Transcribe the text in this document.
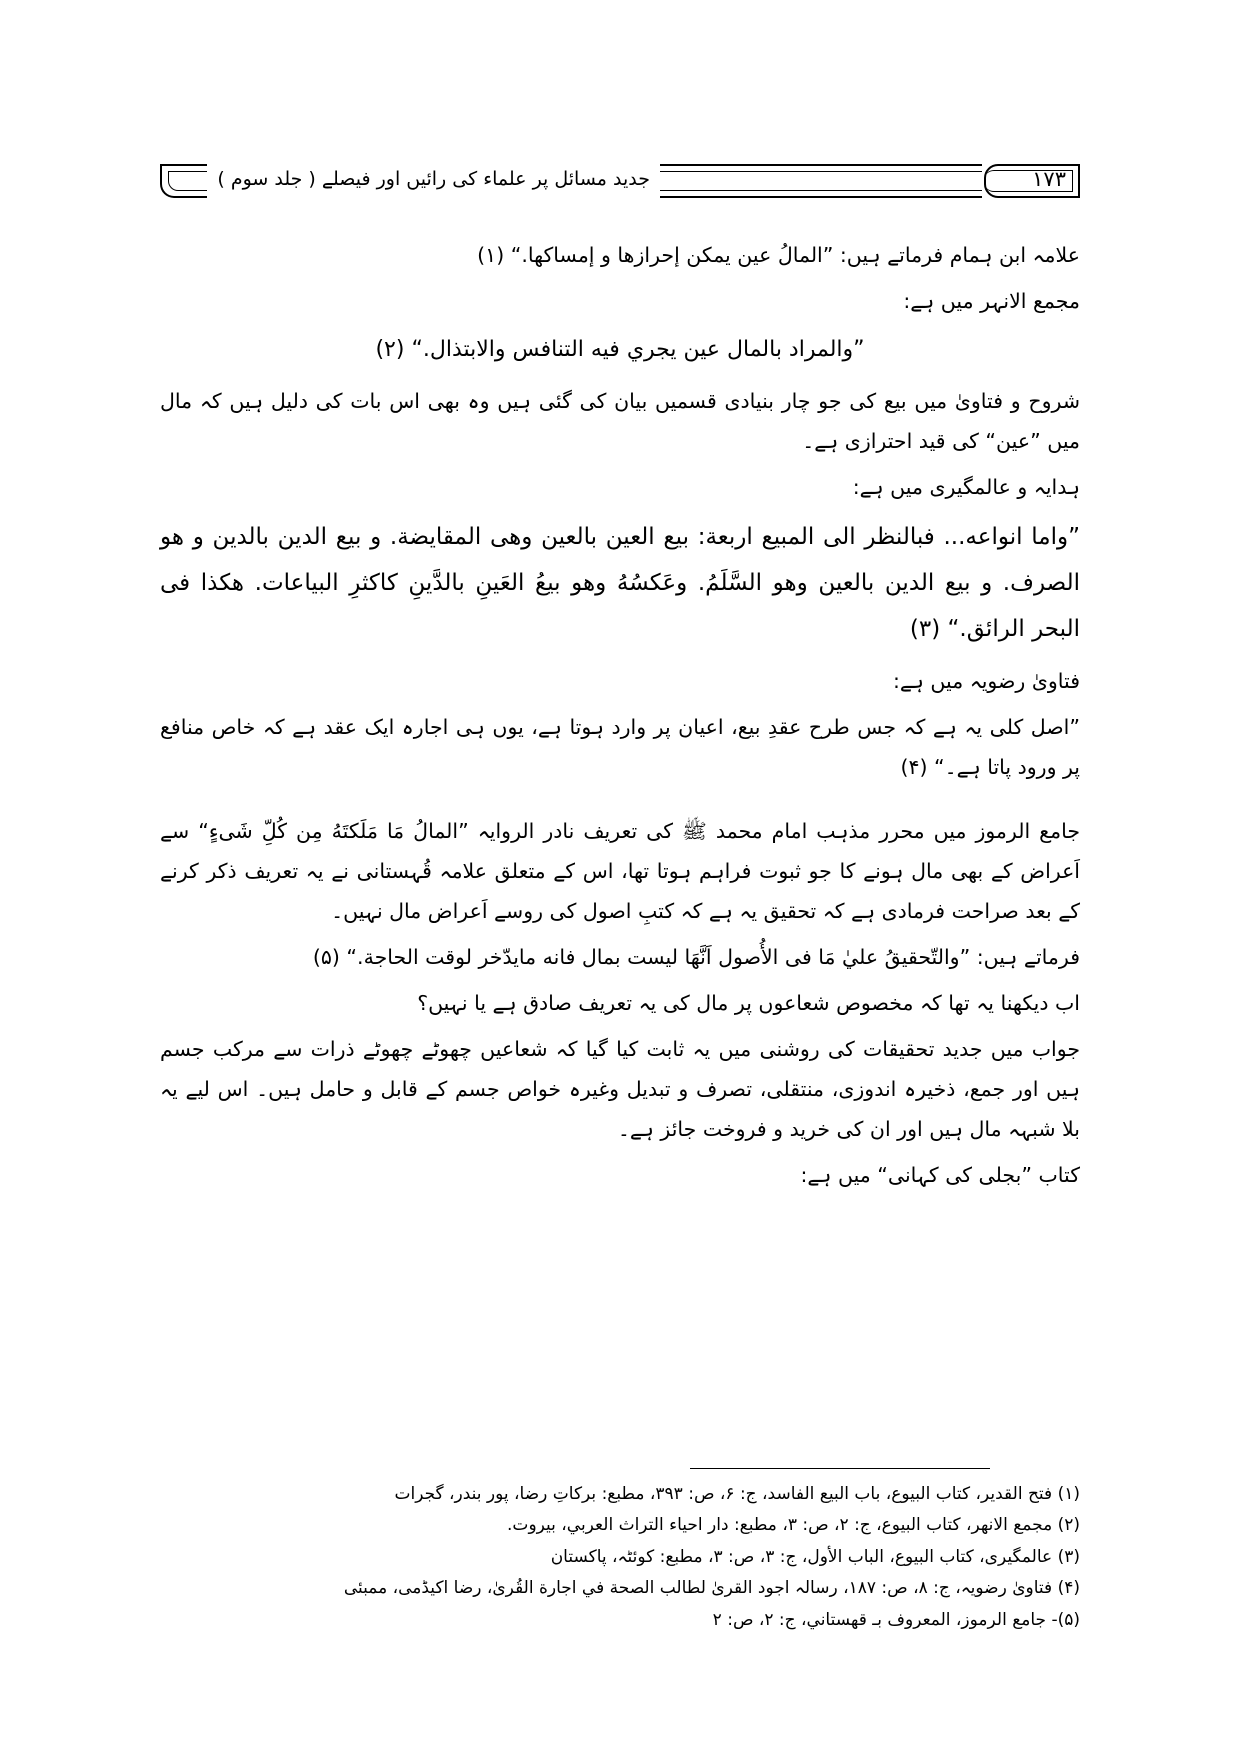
جدید مسائل پر علماء کی رائیں اور فیصلے ( جلد سوم )	۱۷۳

علامہ ابن ہمام فرماتے ہیں: ”المالُ عین یمکن إحرازها و إمساکها.“ (۱)

مجمع الانہر میں ہے:

”والمراد بالمال عین يجري فيه التنافس والابتذال.“ (۲)

شروح و فتاویٰ میں بیع کی جو چار بنیادی قسمیں بیان کی گئی ہیں وہ بھی اس بات کی دلیل ہیں کہ مال میں ”عین“ کی قید احترازی ہے۔

ہدایہ و عالمگیری میں ہے:

”واما انواعه... فبالنظر الى المبيع اربعة: بيع العين بالعين وهى المقايضة. و بيع الدين بالدين و هو الصرف. و بيع الدين بالعين وهو السَّلَمُ. وعَكسُهُ وهو بيعُ العَينِ بالدَّينِ كاكثرِ البياعات. هكذا فى البحر الرائق.“ (۳)

فتاویٰ رضویہ میں ہے:

”اصل کلی یہ ہے کہ جس طرح عقدِ بیع، اعیان پر وارد ہوتا ہے، یوں ہی اجارہ ایک عقد ہے کہ خاص منافع پر ورود پاتا ہے۔“ (۴)

جامع الرموز میں محرر مذہب امام محمد ﷺ کی تعریف نادر الروایہ ”المالُ مَا مَلَکتَهُ مِن کُلِّ شَیءٍ“ سے اَعراض کے بھی مال ہونے کا جو ثبوت فراہم ہوتا تھا، اس کے متعلق علامہ قُہستانی نے یہ تعریف ذکر کرنے کے بعد صراحت فرمادی ہے کہ تحقیق یہ ہے کہ کتبِ اصول کی روسے اَعراض مال نہیں۔

فرماتے ہیں: ”والتّحقيقُ عليٰ مَا فى الأُصول اَنَّهَا ليست بمال فانه مايدّخر لوقت الحاجة.“ (۵)

اب دیکھنا یہ تھا کہ مخصوص شعاعوں پر مال کی یہ تعریف صادق ہے یا نہیں؟

جواب میں جدید تحقیقات کی روشنی میں یہ ثابت کیا گیا کہ شعاعیں چھوٹے چھوٹے ذرات سے مرکب جسم ہیں اور جمع، ذخیرہ اندوزی، منتقلی، تصرف و تبدیل وغیرہ خواص جسم کے قابل و حامل ہیں۔ اس لیے یہ بلا شبہہ مال ہیں اور ان کی خرید و فروخت جائز ہے۔

کتاب ”بجلی کی کہانی“ میں ہے:

(۱) فتح القدیر، کتاب البیوع، باب البیع الفاسد، ج: ۶، ص: ۳۹۳، مطبع: برکاتِ رضا، پور بندر، گجرات

(۲) مجمع الانھر، کتاب البیوع، ج: ۲، ص: ۳، مطبع: دار احیاء التراث العربي، بیروت.

(۳) عالمگیری، کتاب البیوع، الباب الأول، ج: ۳، ص: ۳، مطبع: کوئٹہ، پاکستان

(۴) فتاویٰ رضویہ، ج: ۸، ص: ۱۸۷، رسالہ اجود القریٰ لطالب الصحة في اجارة القُریٰ، رضا اکیڈمی، ممبئی

(۵)- جامع الرموز، المعروف بـ قھستاني، ج: ۲، ص: ۲
